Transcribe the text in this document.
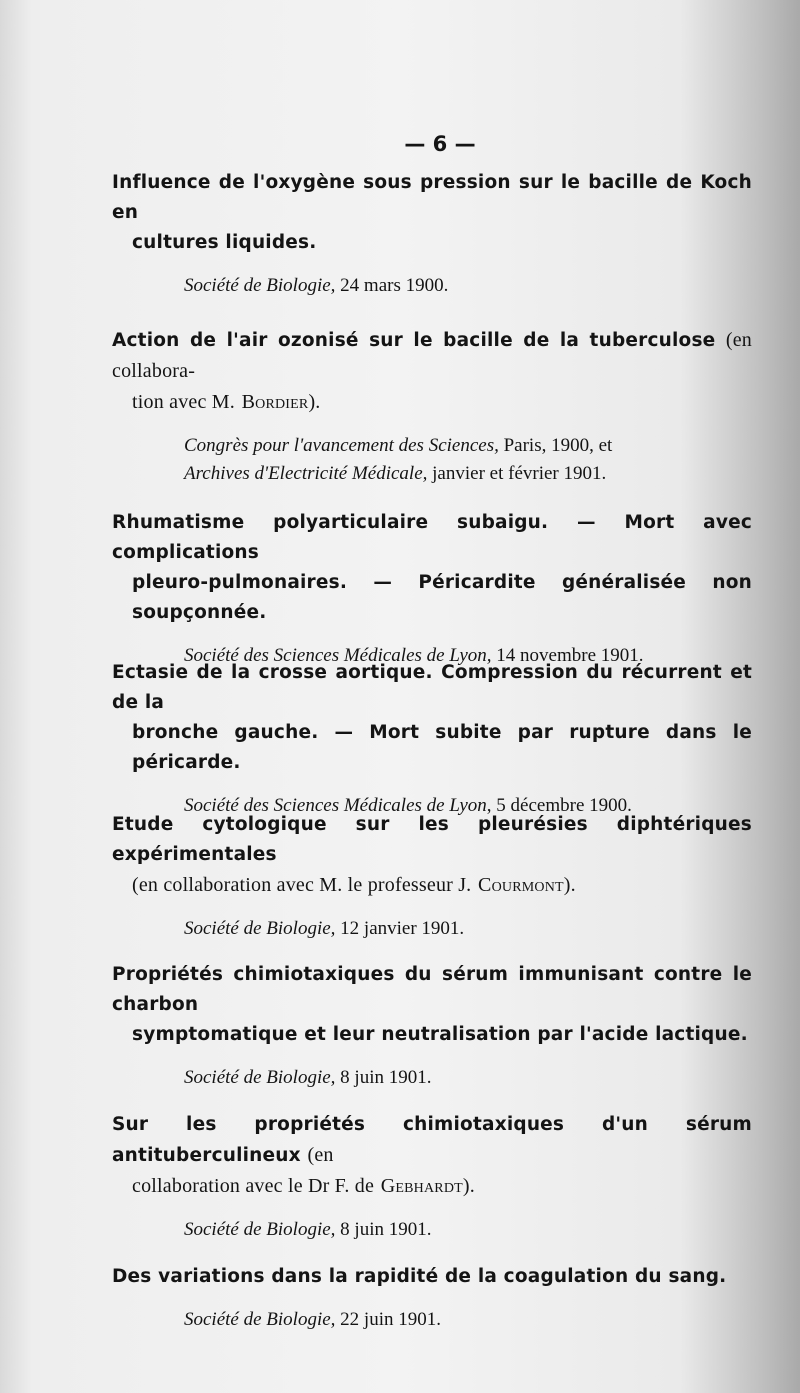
— 6 —
Influence de l'oxygène sous pression sur le bacille de Koch en
cultures liquides.
Société de Biologie, 24 mars 1900.
Action de l'air ozonisé sur le bacille de la tuberculose (en collabora-
tion avec M. Bordier).
Congrès pour l'avancement des Sciences, Paris, 1900, et
Archives d'Electricité Médicale, janvier et février 1901.
Rhumatisme polyarticulaire subaigu. — Mort avec complications
pleuro-pulmonaires. — Péricardite généralisée non soupçonnée.
Société des Sciences Médicales de Lyon, 14 novembre 1901.
Ectasie de la crosse aortique. Compression du récurrent et de la
bronche gauche. — Mort subite par rupture dans le péricarde.
Société des Sciences Médicales de Lyon, 5 décembre 1900.
Etude cytologique sur les pleurésies diphtériques expérimentales
(en collaboration avec M. le professeur J. Courmont).
Société de Biologie, 12 janvier 1901.
Propriétés chimiotaxiques du sérum immunisant contre le charbon
symptomatique et leur neutralisation par l'acide lactique.
Société de Biologie, 8 juin 1901.
Sur les propriétés chimiotaxiques d'un sérum antituberculineux (en
collaboration avec le Dr F. de Gebhardt).
Société de Biologie, 8 juin 1901.
Des variations dans la rapidité de la coagulation du sang.
Société de Biologie, 22 juin 1901.
